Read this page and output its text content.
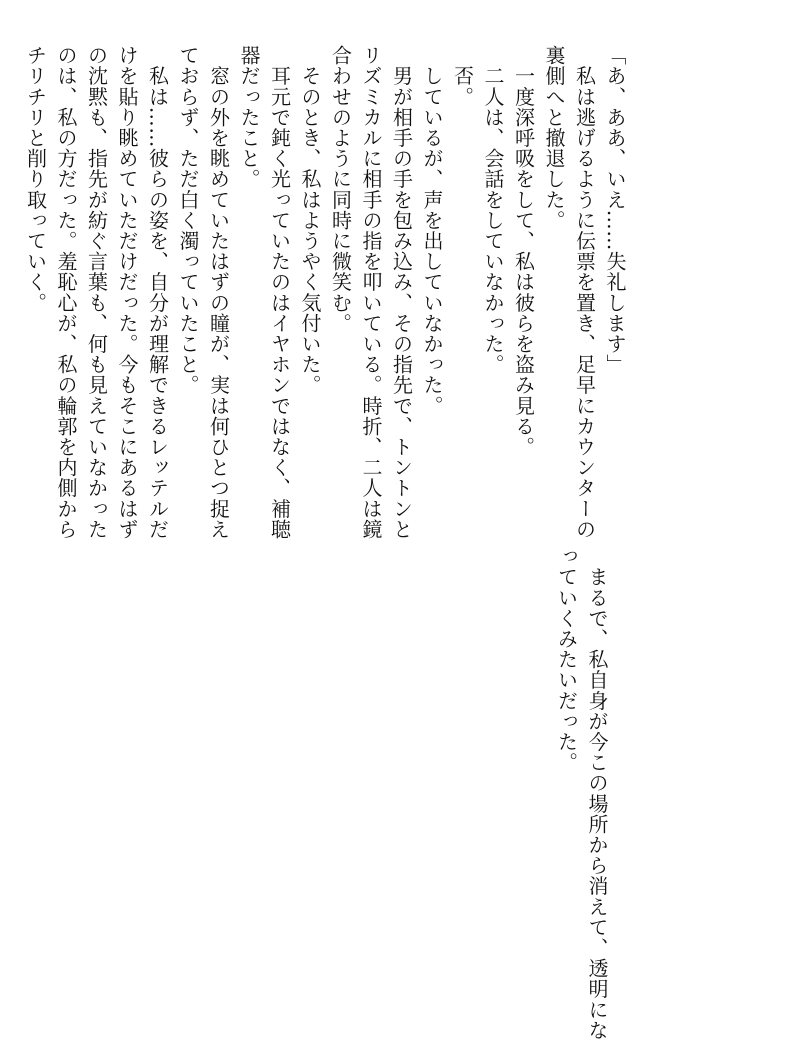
「あ、ああ、いえ……失礼します」
　私は逃げるように伝票を置き、足早にカウンターの
裏側へと撤退した。
　一度深呼吸をして、私は彼らを盗み見る。
　二人は、会話をしていなかった。
　否。
　しているが、声を出していなかった。
　男が相手の手を包み込み、その指先で、トントンと
リズミカルに相手の指を叩いている。時折、二人は鏡
合わせのように同時に微笑む。
　そのとき、私はようやく気付いた。
　耳元で鈍く光っていたのはイヤホンではなく、補聴
器だったこと。
　窓の外を眺めていたはずの瞳が、実は何ひとつ捉え
ておらず、ただ白く濁っていたこと。
　私は……彼らの姿を、自分が理解できるレッテルだ
けを貼り眺めていただけだった。今もそこにあるはず
の沈黙も、指先が紡ぐ言葉も、何も見えていなかった
のは、私の方だった。羞恥心が、私の輪郭を内側から
チリチリと削り取っていく。
　まるで、私自身が今この場所から消えて、透明にな
っていくみたいだった。
